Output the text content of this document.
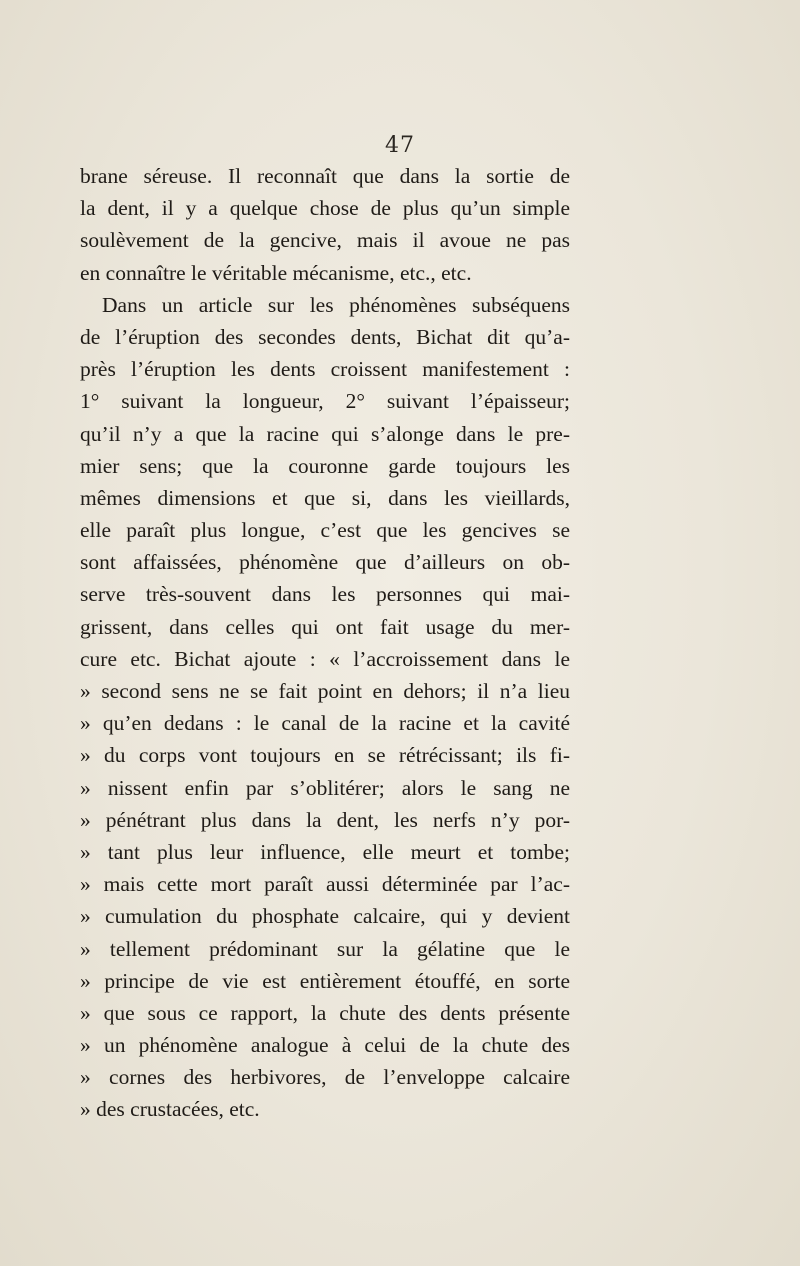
47
brane séreuse. Il reconnaît que dans la sortie de
la dent, il y a quelque chose de plus qu’un simple
soulèvement de la gencive, mais il avoue ne pas
en connaître le véritable mécanisme, etc., etc.
Dans un article sur les phénomènes subséquens
de l’éruption des secondes dents, Bichat dit qu’a-
près l’éruption les dents croissent manifestement :
1° suivant la longueur, 2° suivant l’épaisseur;
qu’il n’y a que la racine qui s’alonge dans le pre-
mier sens; que la couronne garde toujours les
mêmes dimensions et que si, dans les vieillards,
elle paraît plus longue, c’est que les gencives se
sont affaissées, phénomène que d’ailleurs on ob-
serve très-souvent dans les personnes qui mai-
grissent, dans celles qui ont fait usage du mer-
cure etc. Bichat ajoute : « l’accroissement dans le
» second sens ne se fait point en dehors; il n’a lieu
» qu’en dedans : le canal de la racine et la cavité
» du corps vont toujours en se rétrécissant; ils fi-
» nissent enfin par s’oblitérer; alors le sang ne
» pénétrant plus dans la dent, les nerfs n’y por-
» tant plus leur influence, elle meurt et tombe;
» mais cette mort paraît aussi déterminée par l’ac-
» cumulation du phosphate calcaire, qui y devient
» tellement prédominant sur la gélatine que le
» principe de vie est entièrement étouffé, en sorte
» que sous ce rapport, la chute des dents présente
» un phénomène analogue à celui de la chute des
» cornes des herbivores, de l’enveloppe calcaire
» des crustacées, etc.
